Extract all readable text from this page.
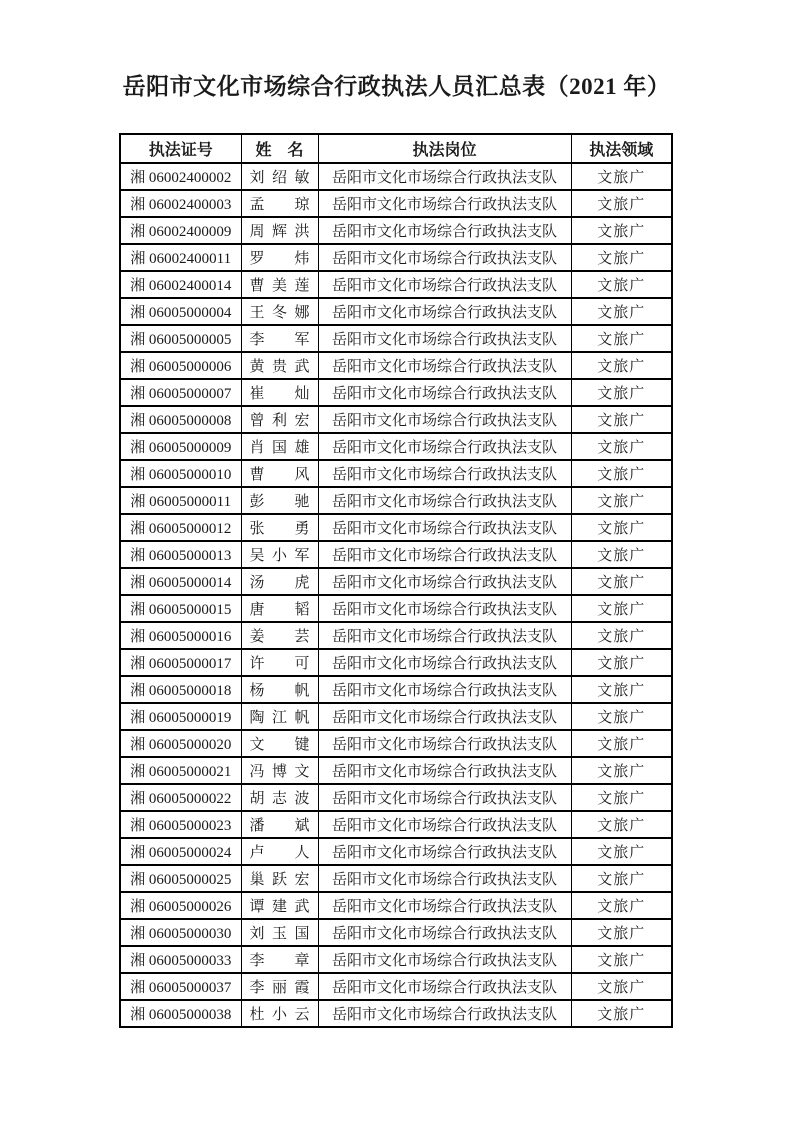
岳阳市文化市场综合行政执法人员汇总表（2021 年）
执法证号	姓　名	执法岗位	执法领域
湘 06002400002	刘绍敏	岳阳市文化市场综合行政执法支队	文旅广
湘 06002400003	孟　琼	岳阳市文化市场综合行政执法支队	文旅广
湘 06002400009	周辉洪	岳阳市文化市场综合行政执法支队	文旅广
湘 06002400011	罗　炜	岳阳市文化市场综合行政执法支队	文旅广
湘 06002400014	曹美莲	岳阳市文化市场综合行政执法支队	文旅广
湘 06005000004	王冬娜	岳阳市文化市场综合行政执法支队	文旅广
湘 06005000005	李　军	岳阳市文化市场综合行政执法支队	文旅广
湘 06005000006	黄贵武	岳阳市文化市场综合行政执法支队	文旅广
湘 06005000007	崔　灿	岳阳市文化市场综合行政执法支队	文旅广
湘 06005000008	曾利宏	岳阳市文化市场综合行政执法支队	文旅广
湘 06005000009	肖国雄	岳阳市文化市场综合行政执法支队	文旅广
湘 06005000010	曹　风	岳阳市文化市场综合行政执法支队	文旅广
湘 06005000011	彭　驰	岳阳市文化市场综合行政执法支队	文旅广
湘 06005000012	张　勇	岳阳市文化市场综合行政执法支队	文旅广
湘 06005000013	吴小军	岳阳市文化市场综合行政执法支队	文旅广
湘 06005000014	汤　虎	岳阳市文化市场综合行政执法支队	文旅广
湘 06005000015	唐　韬	岳阳市文化市场综合行政执法支队	文旅广
湘 06005000016	姜　芸	岳阳市文化市场综合行政执法支队	文旅广
湘 06005000017	许　可	岳阳市文化市场综合行政执法支队	文旅广
湘 06005000018	杨　帆	岳阳市文化市场综合行政执法支队	文旅广
湘 06005000019	陶江帆	岳阳市文化市场综合行政执法支队	文旅广
湘 06005000020	文　键	岳阳市文化市场综合行政执法支队	文旅广
湘 06005000021	冯博文	岳阳市文化市场综合行政执法支队	文旅广
湘 06005000022	胡志波	岳阳市文化市场综合行政执法支队	文旅广
湘 06005000023	潘　斌	岳阳市文化市场综合行政执法支队	文旅广
湘 06005000024	卢　人	岳阳市文化市场综合行政执法支队	文旅广
湘 06005000025	巢跃宏	岳阳市文化市场综合行政执法支队	文旅广
湘 06005000026	谭建武	岳阳市文化市场综合行政执法支队	文旅广
湘 06005000030	刘玉国	岳阳市文化市场综合行政执法支队	文旅广
湘 06005000033	李　章	岳阳市文化市场综合行政执法支队	文旅广
湘 06005000037	李丽霞	岳阳市文化市场综合行政执法支队	文旅广
湘 06005000038	杜小云	岳阳市文化市场综合行政执法支队	文旅广
